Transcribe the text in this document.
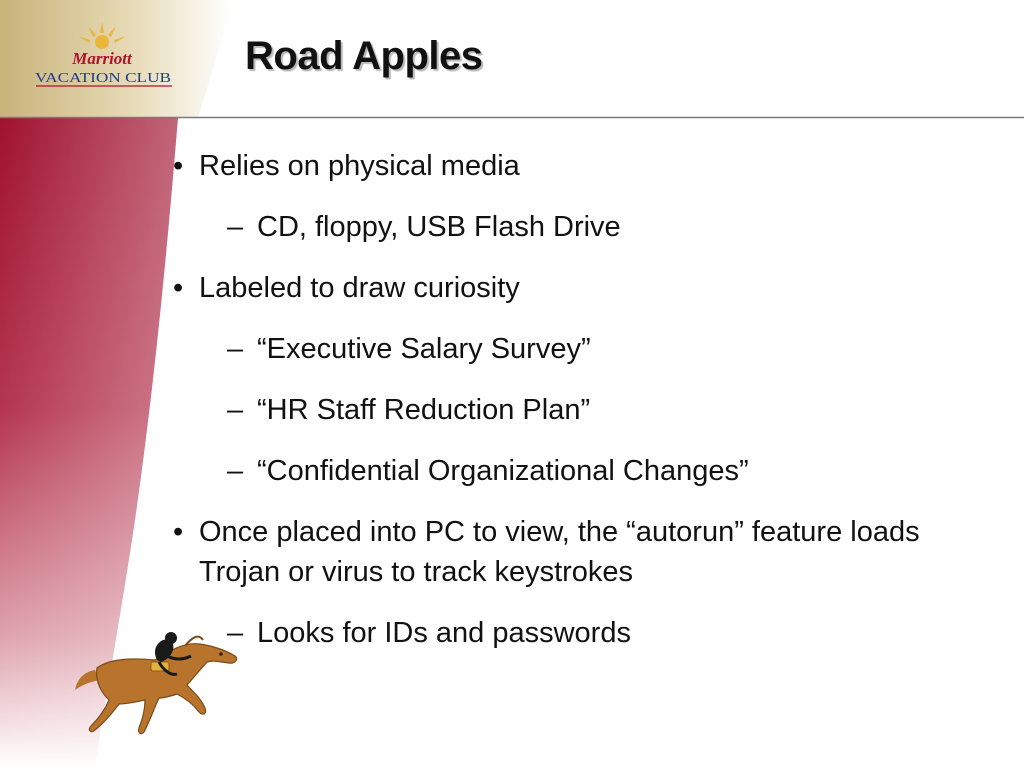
Marriott
VACATION CLUB
Road Apples
• Relies on physical media
– CD, floppy, USB Flash Drive
• Labeled to draw curiosity
– “Executive Salary Survey”
– “HR Staff Reduction Plan”
– “Confidential Organizational Changes”
• Once placed into PC to view, the “autorun” feature loads Trojan or virus to track keystrokes
– Looks for IDs and passwords
